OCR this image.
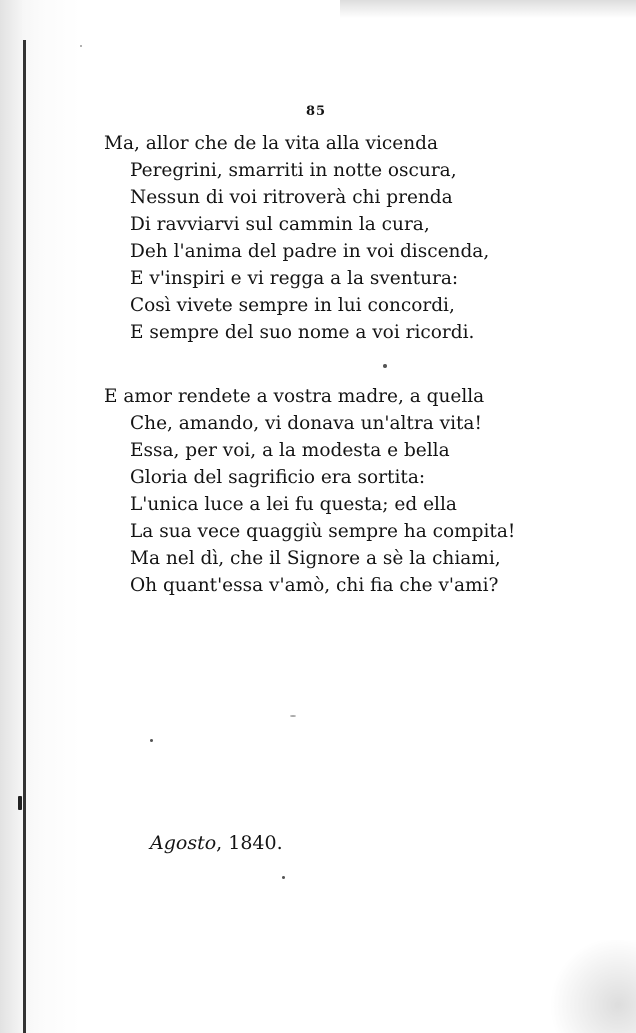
85
Ma, allor che de la vita alla vicenda
Peregrini, smarriti in notte oscura,
Nessun di voi ritroverà chi prenda
Di ravviarvi sul cammin la cura,
Deh l'anima del padre in voi discenda,
E v'inspiri e vi regga a la sventura:
Così vivete sempre in lui concordi,
E sempre del suo nome a voi ricordi.
E amor rendete a vostra madre, a quella
Che, amando, vi donava un'altra vita!
Essa, per voi, a la modesta e bella
Gloria del sagrificio era sortita:
L'unica luce a lei fu questa; ed ella
La sua vece quaggiù sempre ha compita!
Ma nel dì, che il Signore a sè la chiami,
Oh quant'essa v'amò, chi fia che v'ami?
Agosto, 1840.
